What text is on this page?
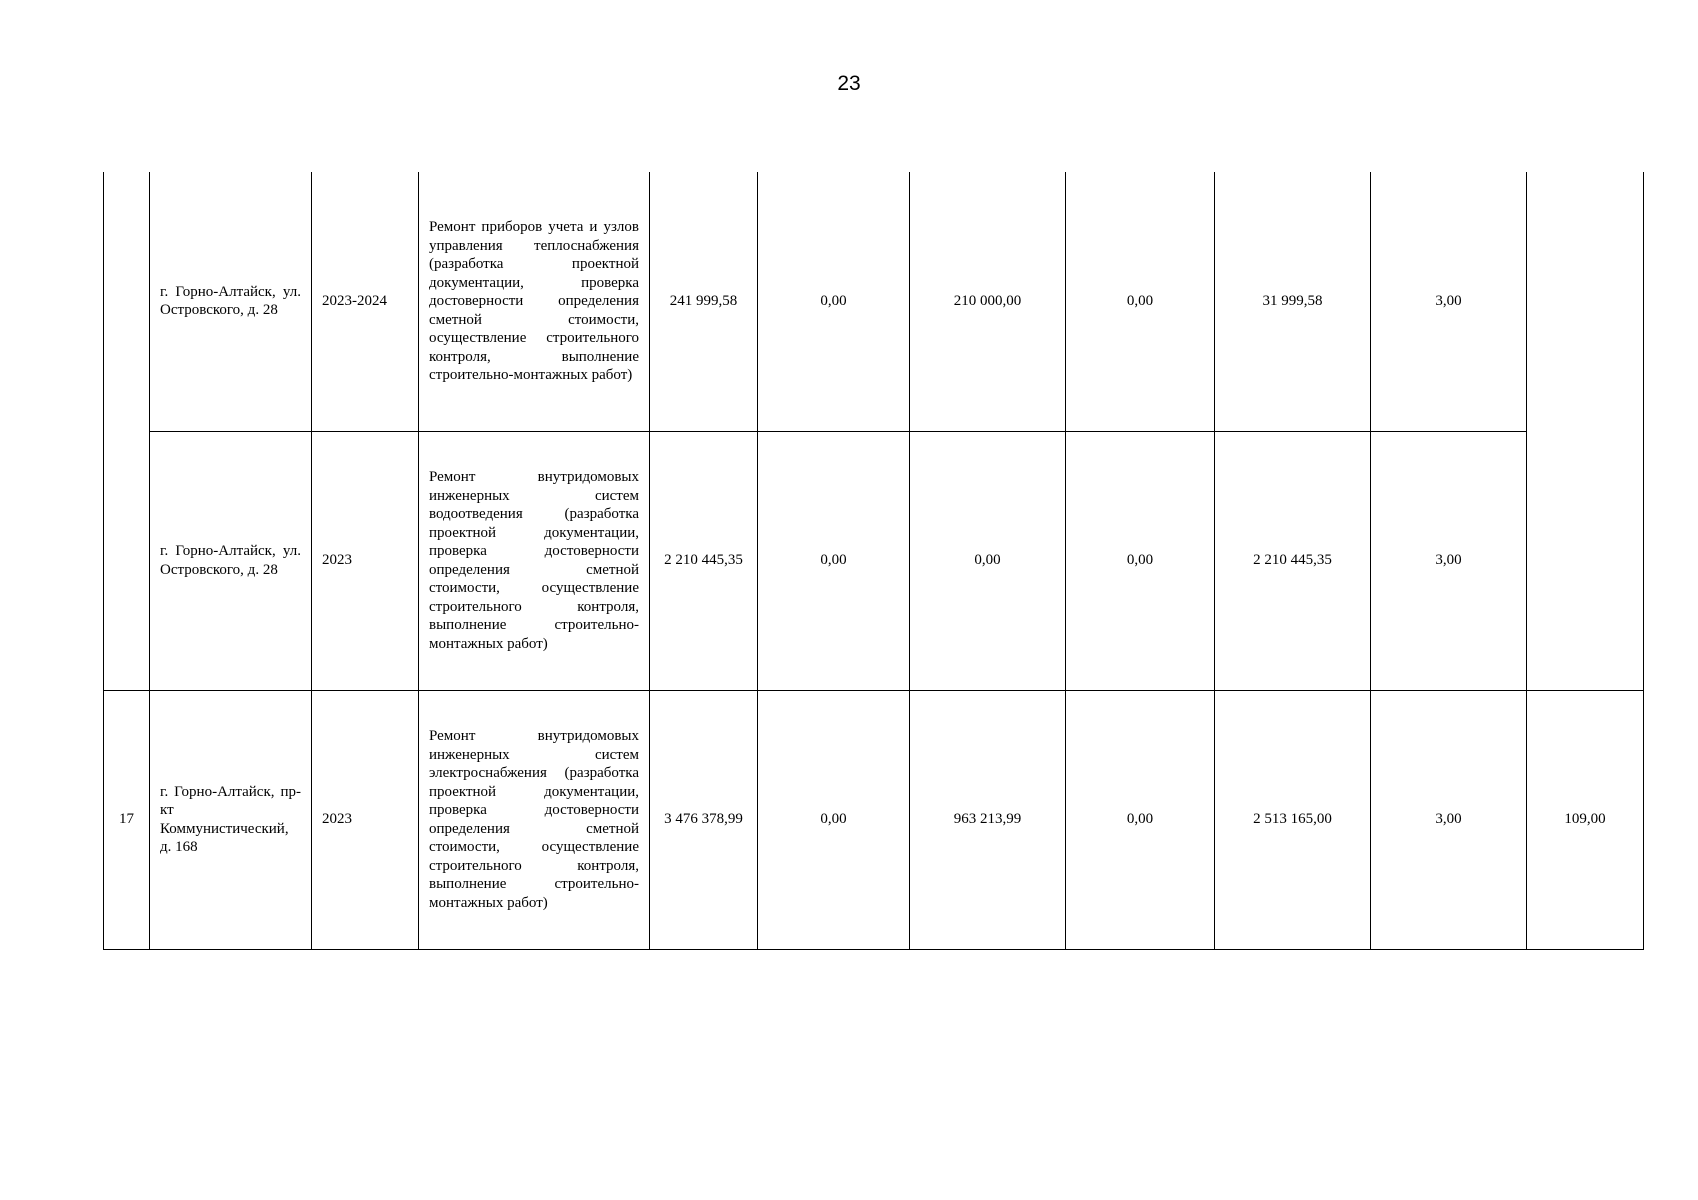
23
	г. Горно-Алтайск, ул. Островского, д. 28	2023-2024	Ремонт приборов учета и узлов управления теплоснабжения (разработка проектной документации, проверка достоверности определения сметной стоимости, осуществление строительного контроля, выполнение строительно-монтажных работ)	241 999,58	0,00	210 000,00	0,00	31 999,58	3,00	
	г. Горно-Алтайск, ул. Островского, д. 28	2023	Ремонт внутридомовых инженерных систем водоотведения (разработка проектной документации, проверка достоверности определения сметной стоимости, осуществление строительного контроля, выполнение строительно-монтажных работ)	2 210 445,35	0,00	0,00	0,00	2 210 445,35	3,00	
17	г. Горно-Алтайск, пр-кт Коммунистический, д. 168	2023	Ремонт внутридомовых инженерных систем электроснабжения (разработка проектной документации, проверка достоверности определения сметной стоимости, осуществление строительного контроля, выполнение строительно-монтажных работ)	3 476 378,99	0,00	963 213,99	0,00	2 513 165,00	3,00	109,00
